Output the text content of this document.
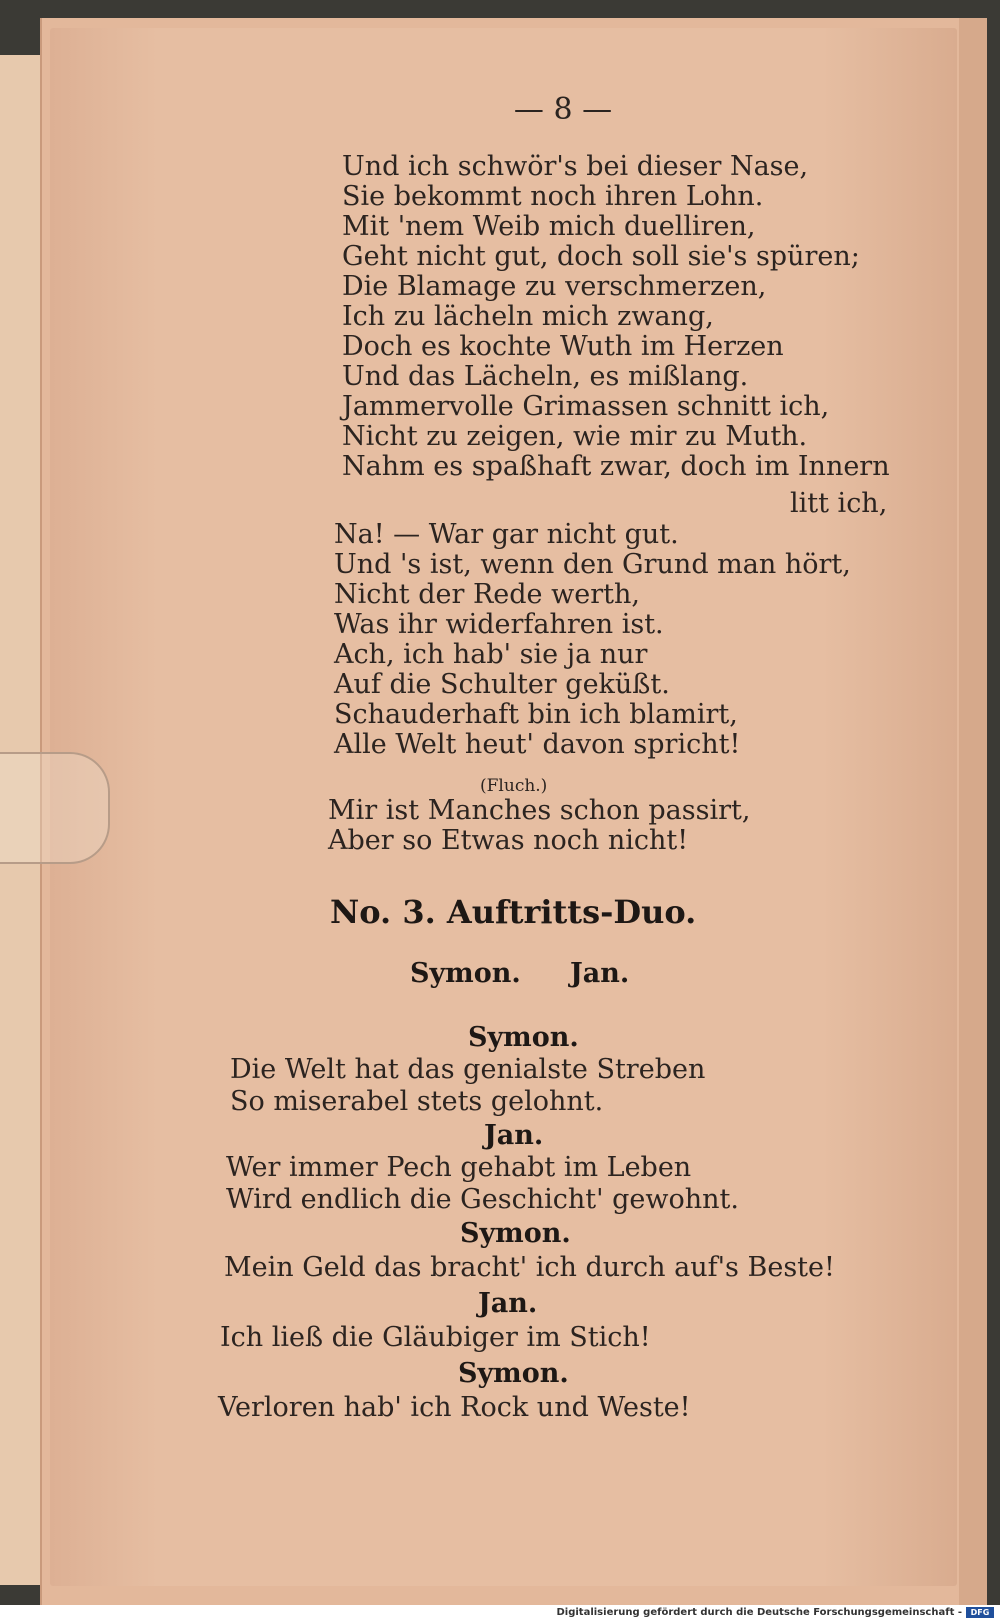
— 8 —
Und ich schwör's bei dieser Nase,
Sie bekommt noch ihren Lohn.
Mit 'nem Weib mich duelliren,
Geht nicht gut, doch soll sie's spüren;
Die Blamage zu verschmerzen,
Ich zu lächeln mich zwang,
Doch es kochte Wuth im Herzen
Und das Lächeln, es mißlang.
Jammervolle Grimassen schnitt ich,
Nicht zu zeigen, wie mir zu Muth.
Nahm es spaßhaft zwar, doch im Innern
litt ich,
Na! — War gar nicht gut.
Und 's ist, wenn den Grund man hört,
Nicht der Rede werth,
Was ihr widerfahren ist.
Ach, ich hab' sie ja nur
Auf die Schulter geküßt.
Schauderhaft bin ich blamirt,
Alle Welt heut' davon spricht!
(Fluch.)
Mir ist Manches schon passirt,
Aber so Etwas noch nicht!
No. 3. Auftritts-Duo.
Symon. Jan.
Symon.
Die Welt hat das genialste Streben
So miserabel stets gelohnt.
Jan.
Wer immer Pech gehabt im Leben
Wird endlich die Geschicht' gewohnt.
Symon.
Mein Geld das bracht' ich durch auf's Beste!
Jan.
Ich ließ die Gläubiger im Stich!
Symon.
Verloren hab' ich Rock und Weste!
Digitalisierung gefördert durch die Deutsche Forschungsgemeinschaft -	DFG
